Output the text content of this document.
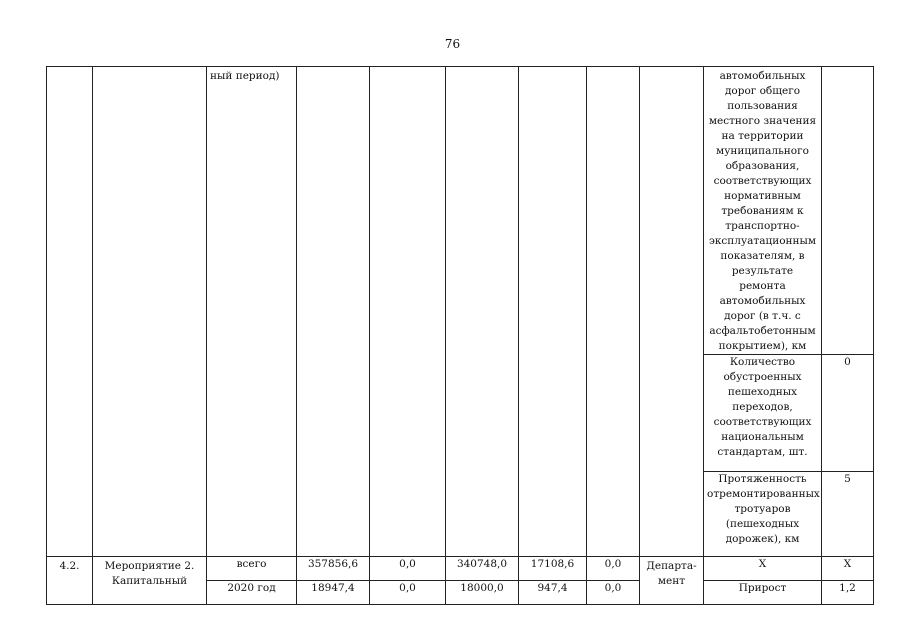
76

		ный период)							автомобильных дорог общего пользования местного значения на территории муниципального образования, соответствующих нормативным требованиям к транспортно-эксплуатационным показателям, в результате ремонта автомобильных дорог (в т.ч. с асфальтобетонным покрытием), км	

									Количество обустроенных пешеходных переходов, соответствующих национальным стандартам, шт.	0
									Протяженность отремонтированных тротуаров (пешеходных дорожек), км	5

4.2.	Мероприятие 2. Капитальный	всего	357856,6	0,0	340748,0	17108,6	0,0	Департа- мент	Х	Х
		2020 год	18947,4	0,0	18000,0	947,4	0,0		Прирост	1,2
